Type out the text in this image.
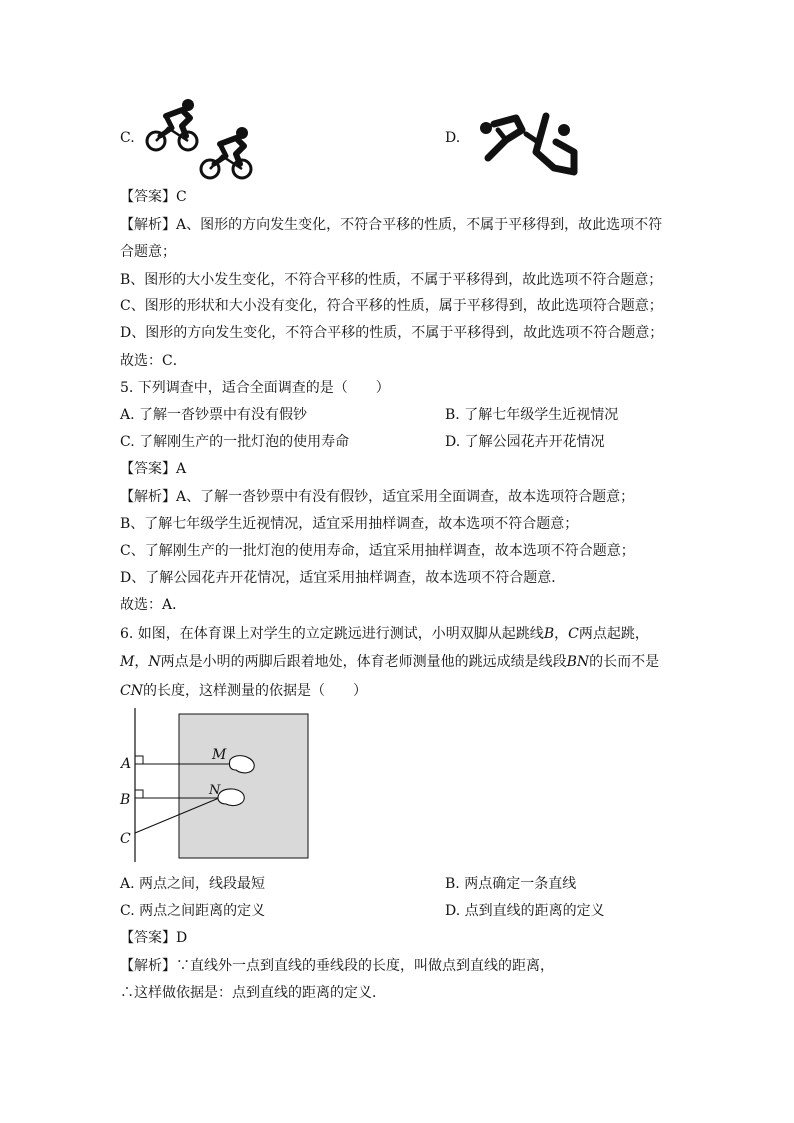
C.	D.
【答案】C
【解析】A、图形的方向发生变化，不符合平移的性质，不属于平移得到，故此选项不符
合题意；
B、图形的大小发生变化，不符合平移的性质，不属于平移得到，故此选项不符合题意；
C、图形的形状和大小没有变化，符合平移的性质，属于平移得到，故此选项符合题意；
D、图形的方向发生变化，不符合平移的性质，不属于平移得到，故此选项不符合题意；
故选：C．
5. 下列调查中，适合全面调查的是（　　）
A. 了解一沓钞票中有没有假钞	B. 了解七年级学生近视情况
C. 了解刚生产的一批灯泡的使用寿命	D. 了解公园花卉开花情况
【答案】A
【解析】A、了解一沓钞票中有没有假钞，适宜采用全面调查，故本选项符合题意；
B、了解七年级学生近视情况，适宜采用抽样调查，故本选项不符合题意；
C、了解刚生产的一批灯泡的使用寿命，适宜采用抽样调查，故本选项不符合题意；
D、了解公园花卉开花情况，适宜采用抽样调查，故本选项不符合题意．
故选：A．
6. 如图，在体育课上对学生的立定跳远进行测试，小明双脚从起跳线B，C两点起跳，
M，N两点是小明的两脚后跟着地处，体育老师测量他的跳远成绩是线段BN的长而不是
CN的长度，这样测量的依据是（　　）
A
B
C
M
N
A. 两点之间，线段最短	B. 两点确定一条直线
C. 两点之间距离的定义	D. 点到直线的距离的定义
【答案】D
【解析】∵直线外一点到直线的垂线段的长度，叫做点到直线的距离，
∴这样做依据是：点到直线的距离的定义．
